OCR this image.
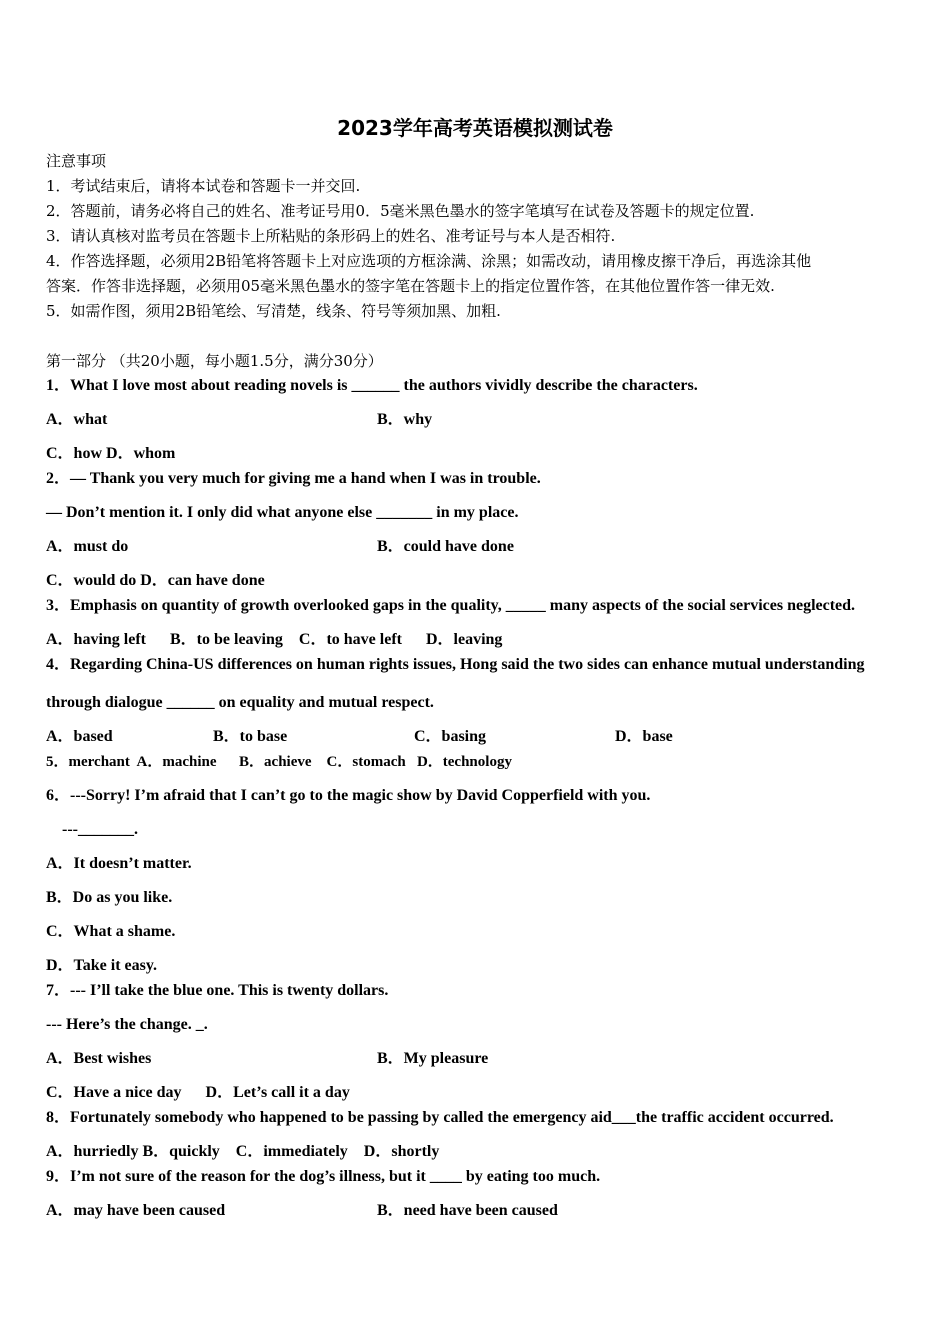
2023学年高考英语模拟测试卷
注意事项
1．考试结束后，请将本试卷和答题卡一并交回.
2．答题前，请务必将自己的姓名、准考证号用0．5毫米黑色墨水的签字笔填写在试卷及答题卡的规定位置.
3．请认真核对监考员在答题卡上所粘贴的条形码上的姓名、准考证号与本人是否相符.
4．作答选择题，必须用2B铅笔将答题卡上对应选项的方框涂满、涂黑；如需改动，请用橡皮擦干净后，再选涂其他
答案．作答非选择题，必须用05毫米黑色墨水的签字笔在答题卡上的指定位置作答，在其他位置作答一律无效.
5．如需作图，须用2B铅笔绘、写清楚，线条、符号等须加黑、加粗.
第一部分 （共20小题，每小题1.5分，满分30分）
1．What I love most about reading novels is ______ the authors vividly describe the characters.
A．what	B．why
C．how D．whom
2．— Thank you very much for giving me a hand when I was in trouble.
— Don’t mention it. I only did what anyone else _______ in my place.
A．must do	B．could have done
C．would do D．can have done
3．Emphasis on quantity of growth overlooked gaps in the quality, _____ many aspects of the social services neglected.
A．having left      B．to be leaving    C．to have left      D．leaving
4．Regarding China-US differences on human rights issues, Hong said the two sides can enhance mutual understanding
through dialogue ______ on equality and mutual respect.
A．based	B．to base	C．basing	D．base
5．merchant  A．machine      B．achieve    C．stomach   D．technology
6．---Sorry! I’m afraid that I can’t go to the magic show by David Copperfield with you.
---_______.
A．It doesn’t matter.
B．Do as you like.
C．What a shame.
D．Take it easy.
7．--- I’ll take the blue one. This is twenty dollars.
--- Here’s the change. _.
A．Best wishes	B．My pleasure
C．Have a nice day      D．Let’s call it a day
8．Fortunately somebody who happened to be passing by called the emergency aid___the traffic accident occurred.
A．hurriedly B．quickly    C．immediately    D．shortly
9．I’m not sure of the reason for the dog’s illness, but it ____ by eating too much.
A．may have been caused	B．need have been caused
